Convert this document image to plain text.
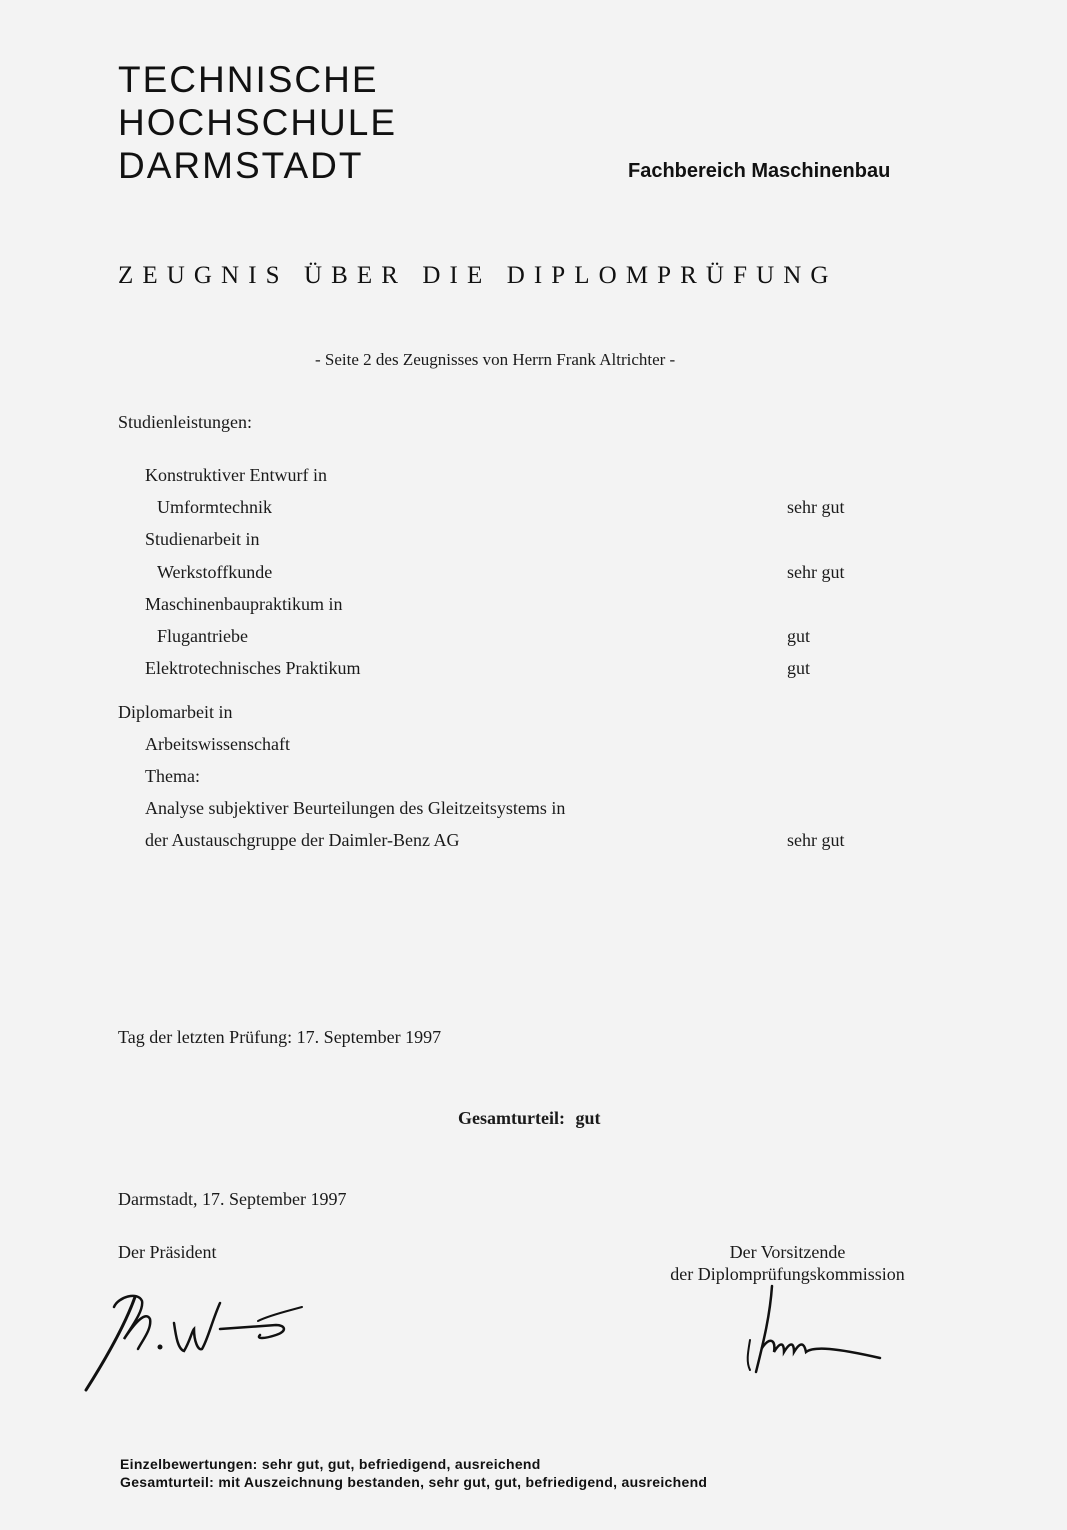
TECHNISCHE
HOCHSCHULE
DARMSTADT	Fachbereich Maschinenbau
ZEUGNIS ÜBER DIE DIPLOMPRÜFUNG
- Seite 2 des Zeugnisses von Herrn Frank Altrichter -
Studienleistungen:
Konstruktiver Entwurf in
Umformtechnik	sehr gut
Studienarbeit in
Werkstoffkunde	sehr gut
Maschinenbaupraktikum in
Flugantriebe	gut
Elektrotechnisches Praktikum	gut
Diplomarbeit in
Arbeitswissenschaft
Thema:
Analyse subjektiver Beurteilungen des Gleitzeitsystems in
der Austauschgruppe der Daimler-Benz AG	sehr gut
Tag der letzten Prüfung: 17. September 1997
Gesamturteil: gut
Darmstadt, 17. September 1997
Der Präsident	Der Vorsitzende
der Diplomprüfungskommission
Einzelbewertungen: sehr gut, gut, befriedigend, ausreichend
Gesamturteil: mit Auszeichnung bestanden, sehr gut, gut, befriedigend, ausreichend
